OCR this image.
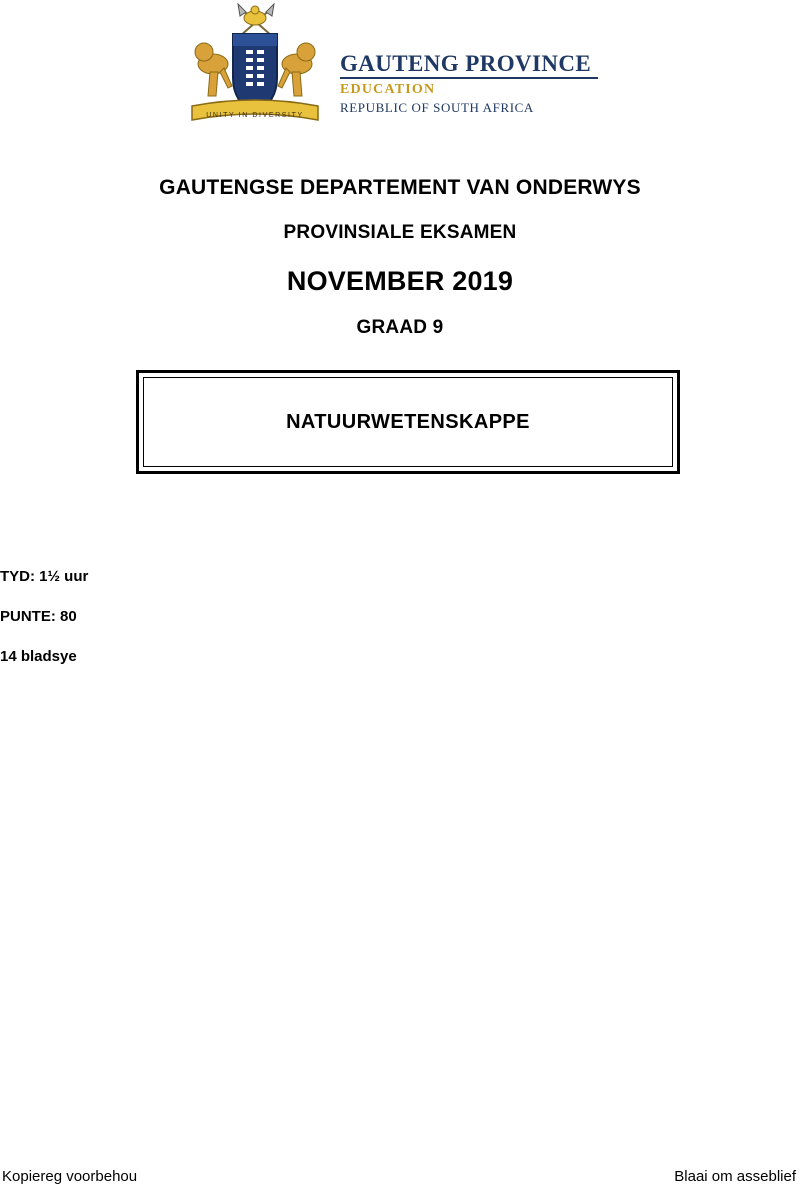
UNITY IN DIVERSITY
GAUTENG PROVINCE
EDUCATION
REPUBLIC OF SOUTH AFRICA
GAUTENGSE DEPARTEMENT VAN ONDERWYS
PROVINSIALE EKSAMEN
NOVEMBER 2019
GRAAD 9
NATUURWETENSKAPPE
TYD: 1½ uur
PUNTE: 80
14 bladsye
Kopiereg voorbehou	Blaai om asseblief
